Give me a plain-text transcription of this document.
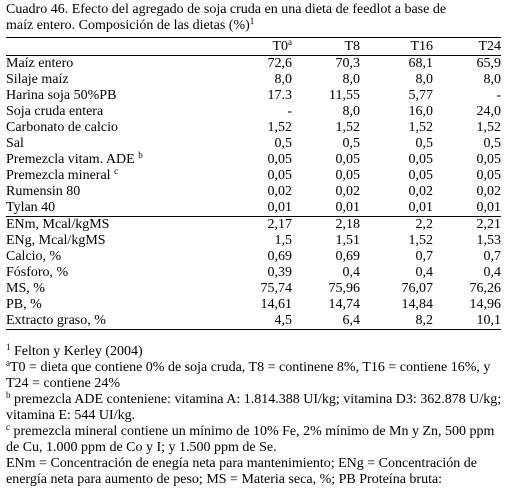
Cuadro 46. Efecto del agregado de soja cruda en una dieta de feedlot a base de
maíz entero. Composición de las dietas (%)$^1$
	T0$^a$	T8	T16	T24
Maíz entero	72,6	70,3	68,1	65,9
Silaje maíz	8,0	8,0	8,0	8,0
Harina soja 50%PB	17.3	11,55	5,77	-
Soja cruda entera	-	8,0	16,0	24,0
Carbonato de calcio	1,52	1,52	1,52	1,52
Sal	0,5	0,5	0,5	0,5
Premezcla vitam. ADE $^b$	0,05	0,05	0,05	0,05
Premezcla mineral $^c$	0,05	0,05	0,05	0,05
Rumensin 80	0,02	0,02	0,02	0,02
Tylan 40	0,01	0,01	0,01	0,01
ENm, Mcal/kgMS	2,17	2,18	2,2	2,21
ENg, Mcal/kgMS	1,5	1,51	1,52	1,53
Calcio, %	0,69	0,69	0,7	0,7
Fósforo, %	0,39	0,4	0,4	0,4
MS, %	75,74	75,96	76,07	76,26
PB, %	14,61	14,74	14,84	14,96
Extracto graso, %	4,5	6,4	8,2	10,1

$^1$ Felton y Kerley (2004)

$^a$T0 = dieta que contiene 0% de soja cruda, T8 = continene 8%, T16 = contiene 16%, y T24 = contiene 24%

$^b$ premezcla ADE conteniene: vitamina A: 1.814.388 UI/kg; vitamina D3: 362.878 U/kg; vitamina E: 544 UI/kg.

$^c$ premezcla mineral contiene un mínimo de 10% Fe, 2% mínimo de Mn y Zn, 500 ppm de Cu, 1.000 ppm de Co y I; y 1.500 ppm de Se.

ENm = Concentración de enegía neta para mantenimiento; ENg = Concentración de energía neta para aumento de peso; MS = Materia seca, %; PB Proteína bruta:
